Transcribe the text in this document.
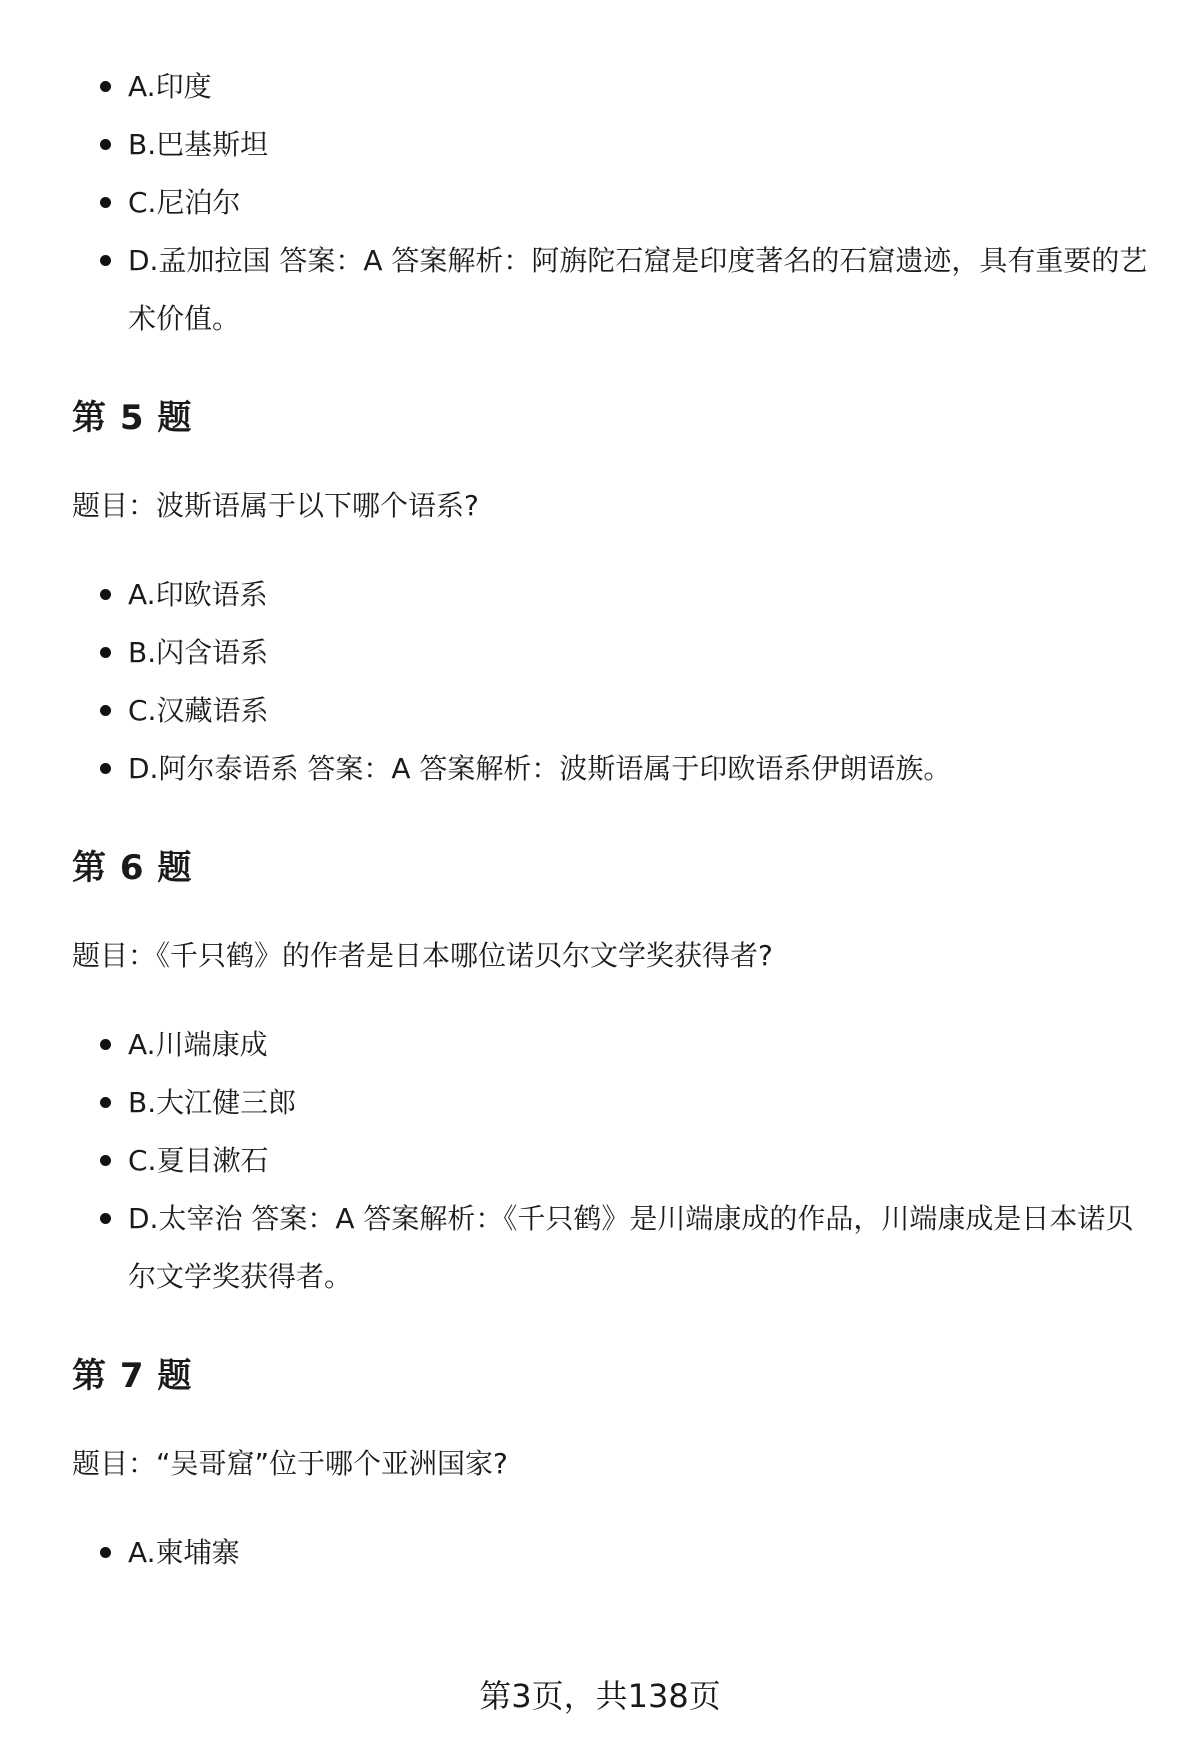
A.印度
B.巴基斯坦
C.尼泊尔
D.孟加拉国 答案：A 答案解析：阿旃陀石窟是印度著名的石窟遗迹，具有重要的艺术价值。
第 5 题

题目：波斯语属于以下哪个语系?

A.印欧语系
B.闪含语系
C.汉藏语系
D.阿尔泰语系 答案：A 答案解析：波斯语属于印欧语系伊朗语族。
第 6 题

题目：《千只鹤》的作者是日本哪位诺贝尔文学奖获得者?

A.川端康成
B.大江健三郎
C.夏目漱石
D.太宰治 答案：A 答案解析：《千只鹤》是川端康成的作品，川端康成是日本诺贝尔文学奖获得者。
第 7 题

题目：“吴哥窟”位于哪个亚洲国家?

A.柬埔寨
第3页，共138页
